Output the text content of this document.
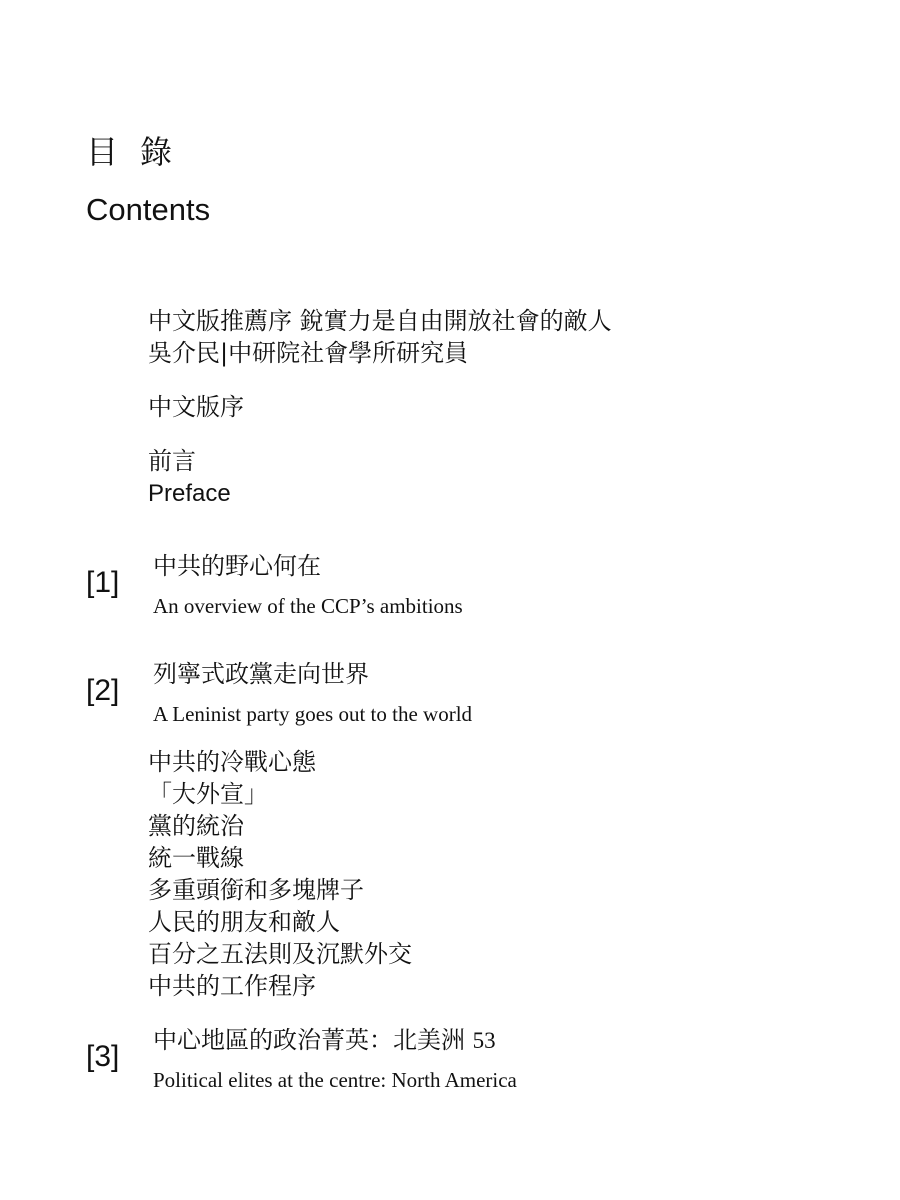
目錄
Contents
中文版推薦序 銳實力是自由開放社會的敵人
吳介民|中研院社會學所研究員
中文版序
前言
Preface
[1] 中共的野心何在
An overview of the CCP’s ambitions
[2] 列寧式政黨走向世界
A Leninist party goes out to the world
中共的冷戰心態
「大外宣」
黨的統治
統一戰線
多重頭銜和多塊牌子
人民的朋友和敵人
百分之五法則及沉默外交
中共的工作程序
[3] 中心地區的政治菁英：北美洲 53
Political elites at the centre: North America
